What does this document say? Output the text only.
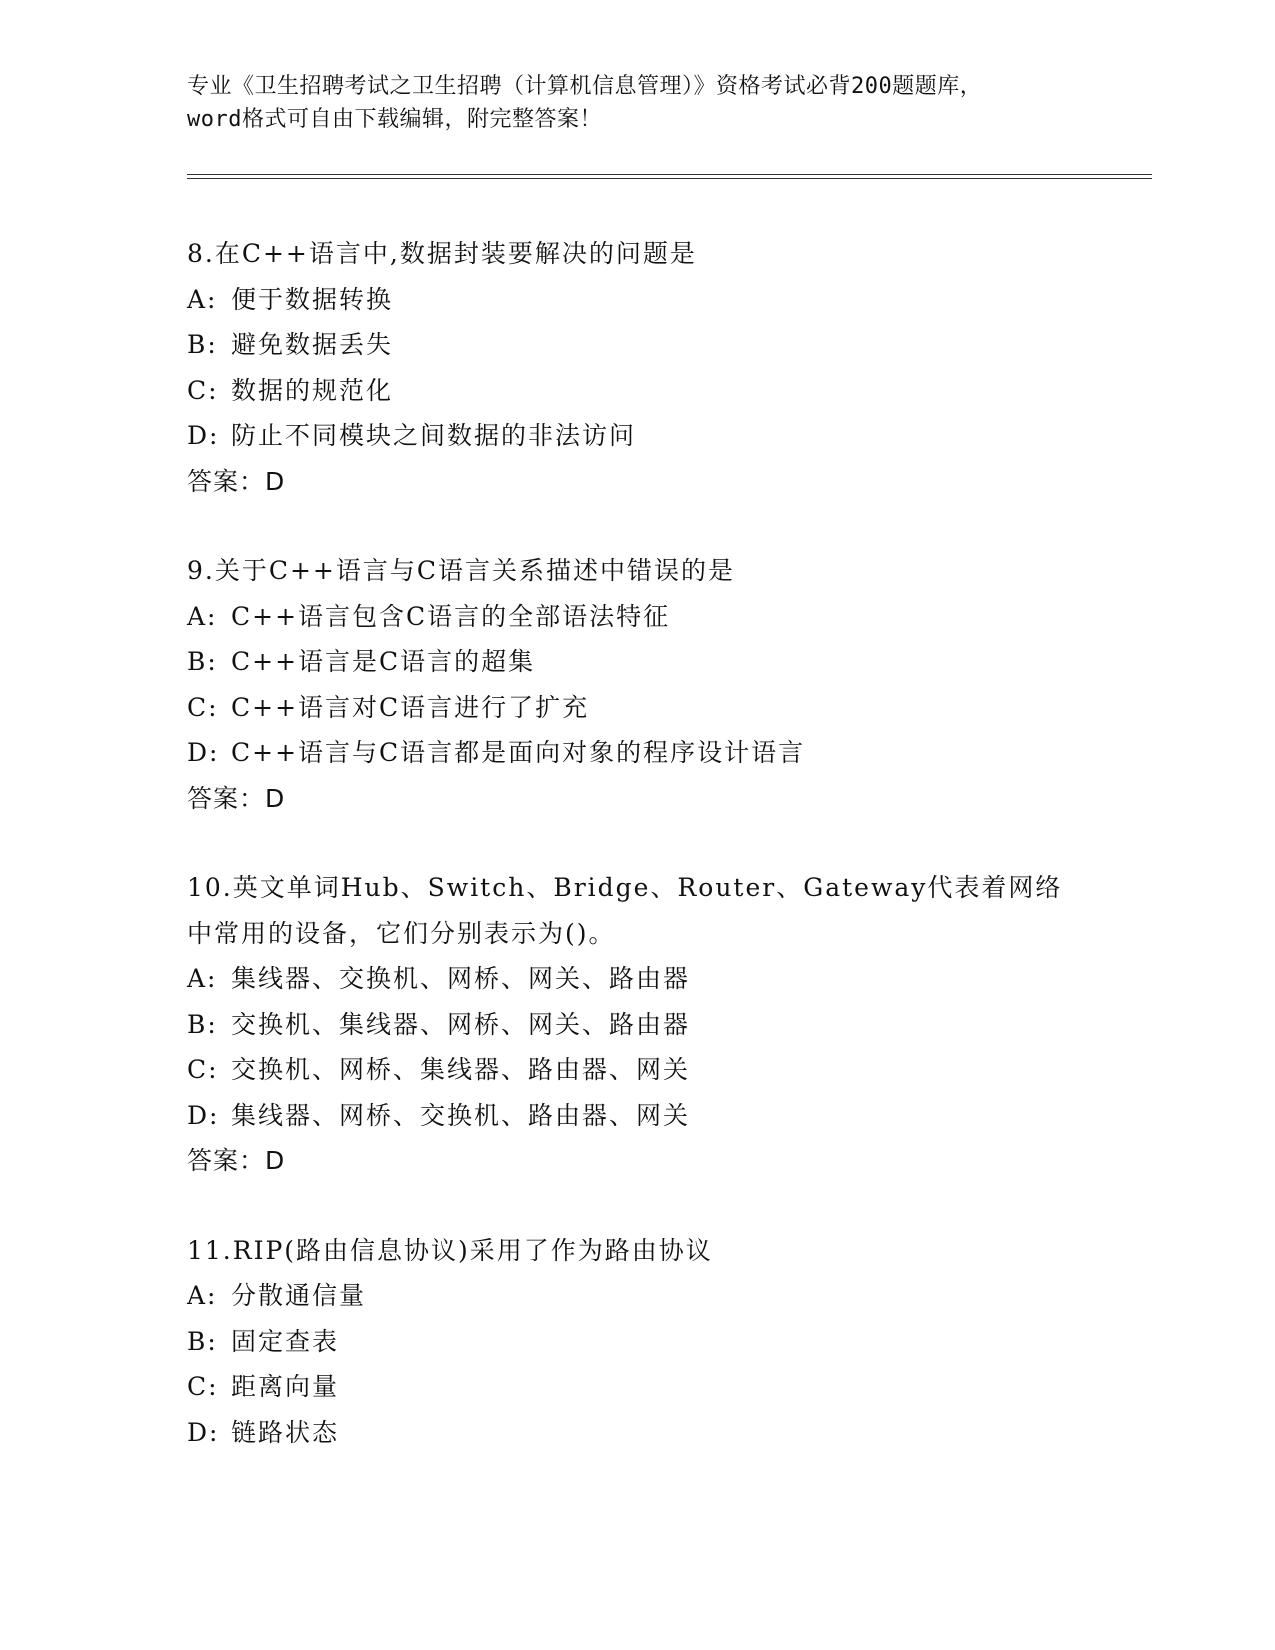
专业《卫生招聘考试之卫生招聘（计算机信息管理）》资格考试必背200题题库，
word格式可自由下载编辑，附完整答案！
8.在C++语言中,数据封装要解决的问题是
A: 便于数据转换
B: 避免数据丢失
C: 数据的规范化
D: 防止不同模块之间数据的非法访问
答案：D
9.关于C++语言与C语言关系描述中错误的是
A: C++语言包含C语言的全部语法特征
B: C++语言是C语言的超集
C: C++语言对C语言进行了扩充
D: C++语言与C语言都是面向对象的程序设计语言
答案：D
10.英文单词Hub、Switch、Bridge、Router、Gateway代表着网络中常用的设备，它们分别表示为()。
A: 集线器、交换机、网桥、网关、路由器
B: 交换机、集线器、网桥、网关、路由器
C: 交换机、网桥、集线器、路由器、网关
D: 集线器、网桥、交换机、路由器、网关
答案：D
11.RIP(路由信息协议)采用了作为路由协议
A: 分散通信量
B: 固定查表
C: 距离向量
D: 链路状态
